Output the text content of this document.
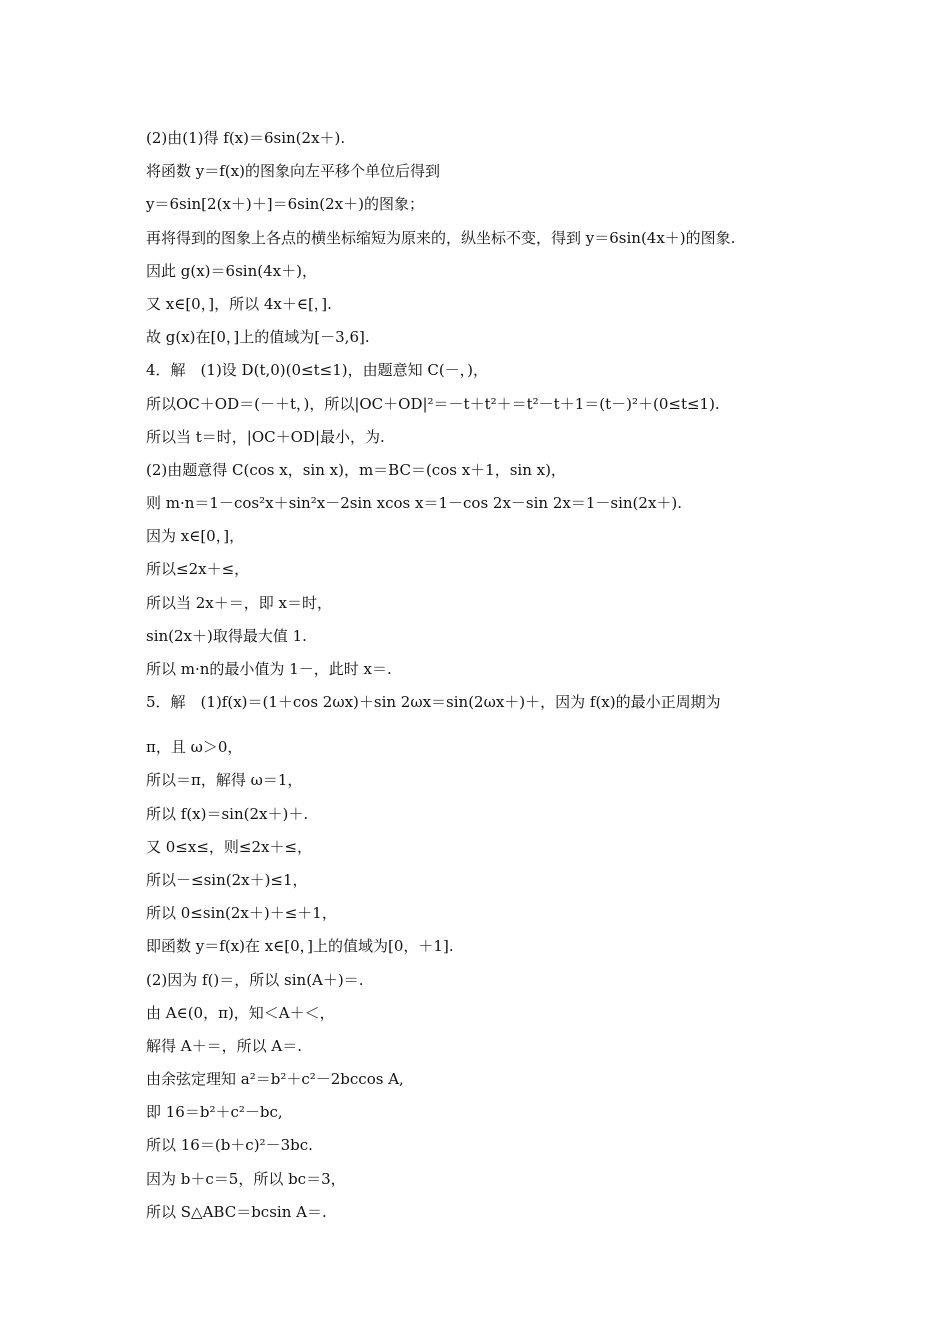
(2)由(1)得 f(x)＝6sin(2x＋).
将函数 y＝f(x)的图象向左平移个单位后得到
y＝6sin[2(x＋)＋]＝6sin(2x＋)的图象；
再将得到的图象上各点的横坐标缩短为原来的，纵坐标不变，得到 y＝6sin(4x＋)的图象.
因此 g(x)＝6sin(4x＋)，
又 x∈[0，]，所以 4x＋∈[，].
故 g(x)在[0，]上的值域为[－3,6].
4．解　(1)设 D(t,0)(0≤t≤1)，由题意知 C(－，)，
所以OC＋OD＝(－＋t，)，所以|OC＋OD|²＝－t＋t²＋＝t²－t＋1＝(t－)²＋(0≤t≤1).
所以当 t＝时，|OC＋OD|最小，为.
(2)由题意得 C(cos x，sin x)，m＝BC＝(cos x＋1，sin x)，
则 m·n＝1－cos²x＋sin²x－2sin xcos x＝1－cos 2x－sin 2x＝1－sin(2x＋).
因为 x∈[0，]，
所以≤2x＋≤，
所以当 2x＋＝，即 x＝时，
sin(2x＋)取得最大值 1.
所以 m·n的最小值为 1－，此时 x＝.
5．解　(1)f(x)＝(1＋cos 2ωx)＋sin 2ωx＝sin(2ωx＋)＋，因为 f(x)的最小正周期为
π，且 ω＞0，
所以＝π，解得 ω＝1，
所以 f(x)＝sin(2x＋)＋.
又 0≤x≤，则≤2x＋≤，
所以－≤sin(2x＋)≤1，
所以 0≤sin(2x＋)＋≤＋1，
即函数 y＝f(x)在 x∈[0，]上的值域为[0，＋1].
(2)因为 f()＝，所以 sin(A＋)＝.
由 A∈(0，π)，知＜A＋＜，
解得 A＋＝，所以 A＝.
由余弦定理知 a²＝b²＋c²－2bccos A,
即 16＝b²＋c²－bc,
所以 16＝(b＋c)²－3bc.
因为 b＋c＝5，所以 bc＝3，
所以 S△ABC＝bcsin A＝.
